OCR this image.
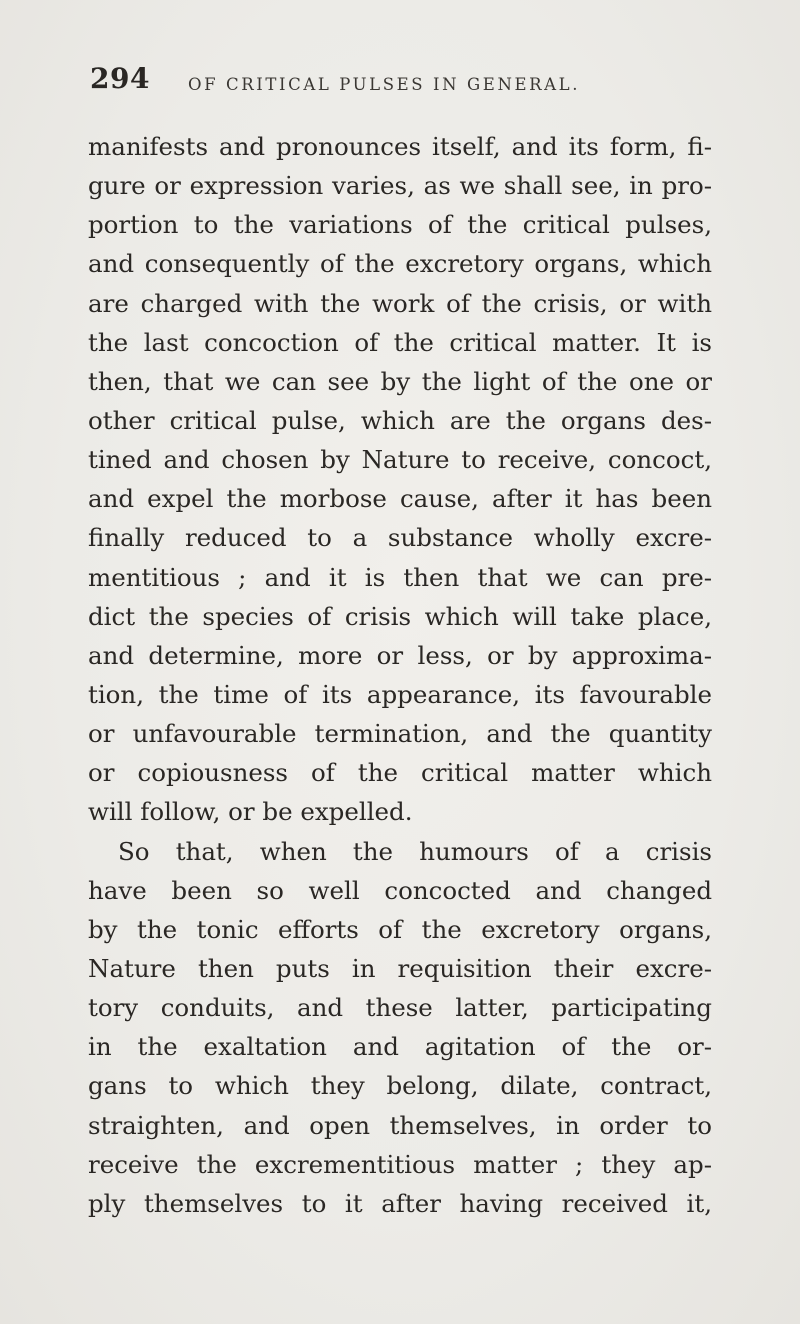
294 OF CRITICAL PULSES IN GENERAL.
manifests and pronounces itself, and its form, fi-
gure or expression varies, as we shall see, in pro-
portion to the variations of the critical pulses,
and consequently of the excretory organs, which
are charged with the work of the crisis, or with
the last concoction of the critical matter. It is
then, that we can see by the light of the one or
other critical pulse, which are the organs des-
tined and chosen by Nature to receive, concoct,
and expel the morbose cause, after it has been
finally reduced to a substance wholly excre-
mentitious ; and it is then that we can pre-
dict the species of crisis which will take place,
and determine, more or less, or by approxima-
tion, the time of its appearance, its favourable
or unfavourable termination, and the quantity
or copiousness of the critical matter which
will follow, or be expelled.
So that, when the humours of a crisis
have been so well concocted and changed
by the tonic efforts of the excretory organs,
Nature then puts in requisition their excre-
tory conduits, and these latter, participating
in the exaltation and agitation of the or-
gans to which they belong, dilate, contract,
straighten, and open themselves, in order to
receive the excrementitious matter ; they ap-
ply themselves to it after having received it,
